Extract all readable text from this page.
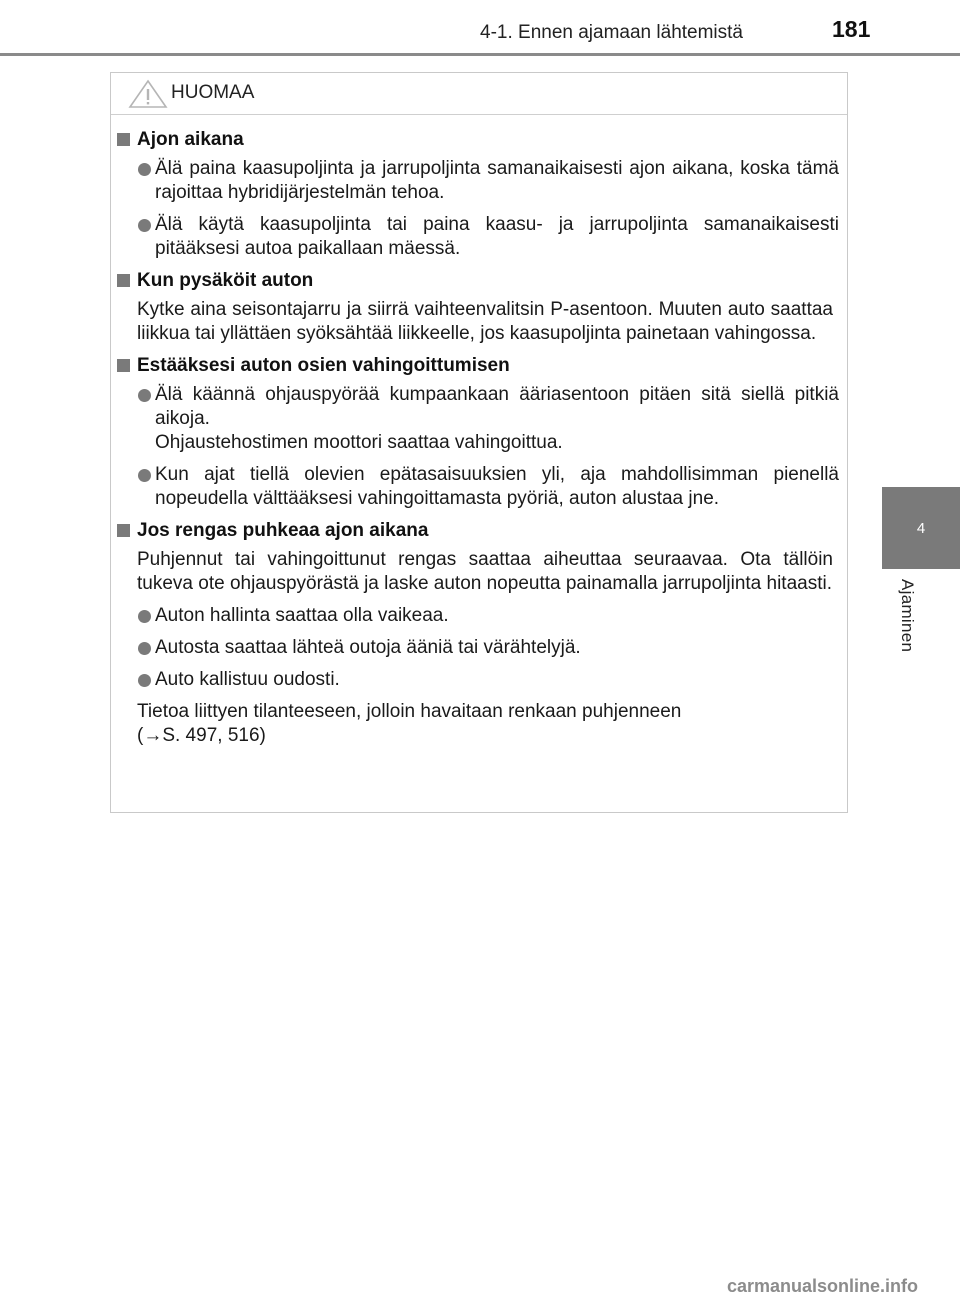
4-1. Ennen ajamaan lähtemistä	181
4
Ajaminen
HUOMAA
Ajon aikana
Älä paina kaasupoljinta ja jarrupoljinta samanaikaisesti ajon aikana, koska tämä rajoittaa hybridijärjestelmän tehoa.
Älä käytä kaasupoljinta tai paina kaasu- ja jarrupoljinta samanaikaisesti pitääksesi autoa paikallaan mäessä.
Kun pysäköit auton
Kytke aina seisontajarru ja siirrä vaihteenvalitsin P-asentoon. Muuten auto saattaa liikkua tai yllättäen syöksähtää liikkeelle, jos kaasupoljinta painetaan vahingossa.
Estääksesi auton osien vahingoittumisen
Älä käännä ohjauspyörää kumpaankaan ääriasentoon pitäen sitä siellä pitkiä aikoja.
Ohjaustehostimen moottori saattaa vahingoittua.
Kun ajat tiellä olevien epätasaisuuksien yli, aja mahdollisimman pienellä nopeudella välttääksesi vahingoittamasta pyöriä, auton alustaa jne.
Jos rengas puhkeaa ajon aikana
Puhjennut tai vahingoittunut rengas saattaa aiheuttaa seuraavaa. Ota tällöin tukeva ote ohjauspyörästä ja laske auton nopeutta painamalla jarrupoljinta hitaasti.
Auton hallinta saattaa olla vaikeaa.
Autosta saattaa lähteä outoja ääniä tai värähtelyjä.
Auto kallistuu oudosti.
Tietoa liittyen tilanteeseen, jolloin havaitaan renkaan puhjenneen
(→S. 497, 516)
carmanualsonline.info
